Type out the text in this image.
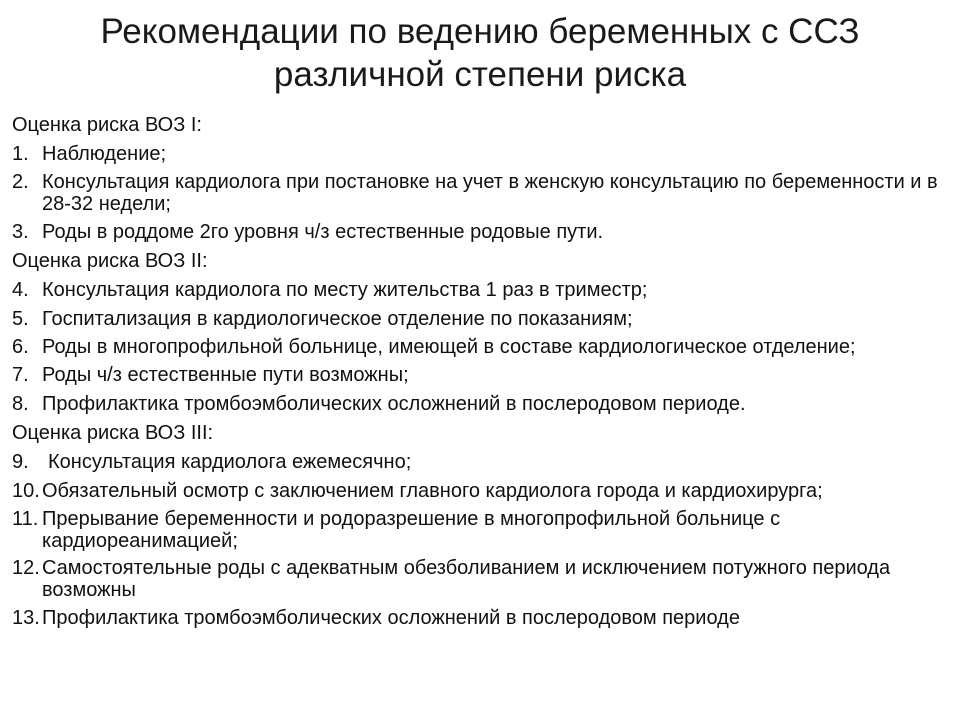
Рекомендации по ведению беременных с ССЗ
различной степени риска
Оценка риска ВОЗ I:
1. Наблюдение;
2. Консультация кардиолога при постановке на учет в женскую консультацию по беременности и в 28-32 недели;
3. Роды в роддоме 2го уровня ч/з естественные родовые пути.
Оценка риска ВОЗ II:
4. Консультация кардиолога по месту жительства 1 раз в триместр;
5. Госпитализация в кардиологическое отделение по показаниям;
6. Роды в многопрофильной больнице, имеющей в составе кардиологическое отделение;
7. Роды ч/з естественные пути возможны;
8. Профилактика тромбоэмболических осложнений в послеродовом периоде.
Оценка риска ВОЗ III:
9. Консультация кардиолога ежемесячно;
10. Обязательный осмотр с заключением главного кардиолога города и кардиохирурга;
11. Прерывание беременности и родоразрешение в многопрофильной больнице с кардиореанимацией;
12. Самостоятельные роды с адекватным обезболиванием и исключением потужного периода возможны
13. Профилактика тромбоэмболических осложнений в послеродовом периоде
